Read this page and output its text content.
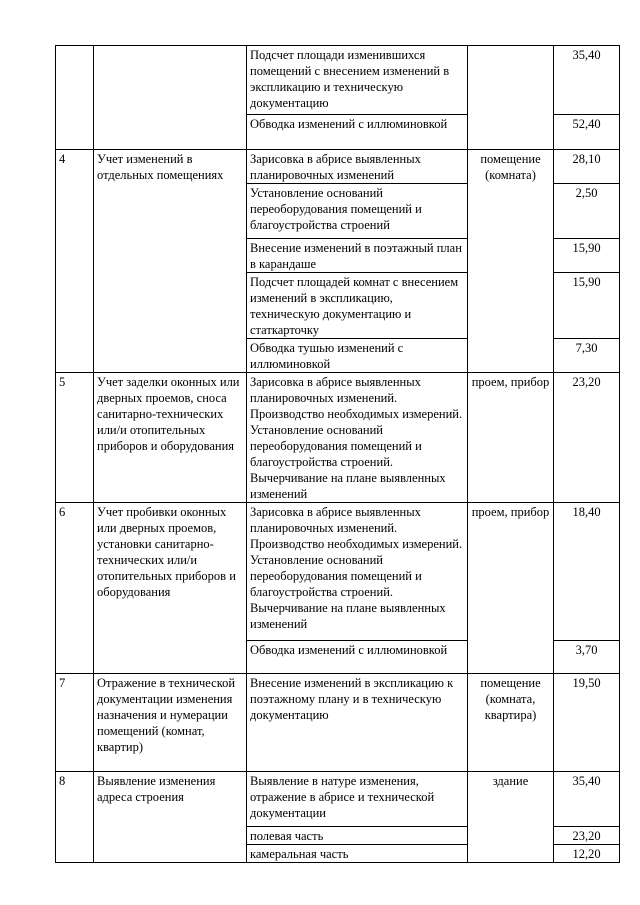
		Подсчет площади изменившихся помещений с внесением изменений в экспликацию и техническую документацию		35,40
		Обводка изменений с иллюминовкой		52,40
4	Учет изменений в отдельных помещениях	Зарисовка в абрисе выявленных планировочных изменений	помещение (комната)	28,10
		Установление оснований переоборудования помещений и благоустройства строений		2,50
		Внесение изменений в поэтажный план в карандаше		15,90
		Подсчет площадей комнат с внесением изменений в экспликацию, техническую документацию и статкарточку		15,90
		Обводка тушью изменений с иллюминовкой		7,30
5	Учет заделки оконных или дверных проемов, сноса санитарно-технических или/и отопительных приборов и оборудования	Зарисовка в абрисе выявленных планировочных изменений. Производство необходимых измерений. Установление оснований переоборудования помещений и благоустройства строений. Вычерчивание на плане выявленных изменений	проем, прибор	23,20
6	Учет пробивки оконных или дверных проемов, установки санитарно-технических или/и отопительных приборов и оборудования	Зарисовка в абрисе выявленных планировочных изменений. Производство необходимых измерений. Установление оснований переоборудования помещений и благоустройства строений. Вычерчивание на плане выявленных изменений	проем, прибор	18,40
		Обводка изменений с иллюминовкой		3,70
7	Отражение в технической документации изменения назначения и нумерации помещений (комнат, квартир)	Внесение изменений в экспликацию к поэтажному плану и в техническую документацию	помещение (комната, квартира)	19,50
8	Выявление изменения адреса строения	Выявление в натуре изменения, отражение в абрисе и технической документации	здание	35,40
		полевая часть		23,20
		камеральная часть		12,20
